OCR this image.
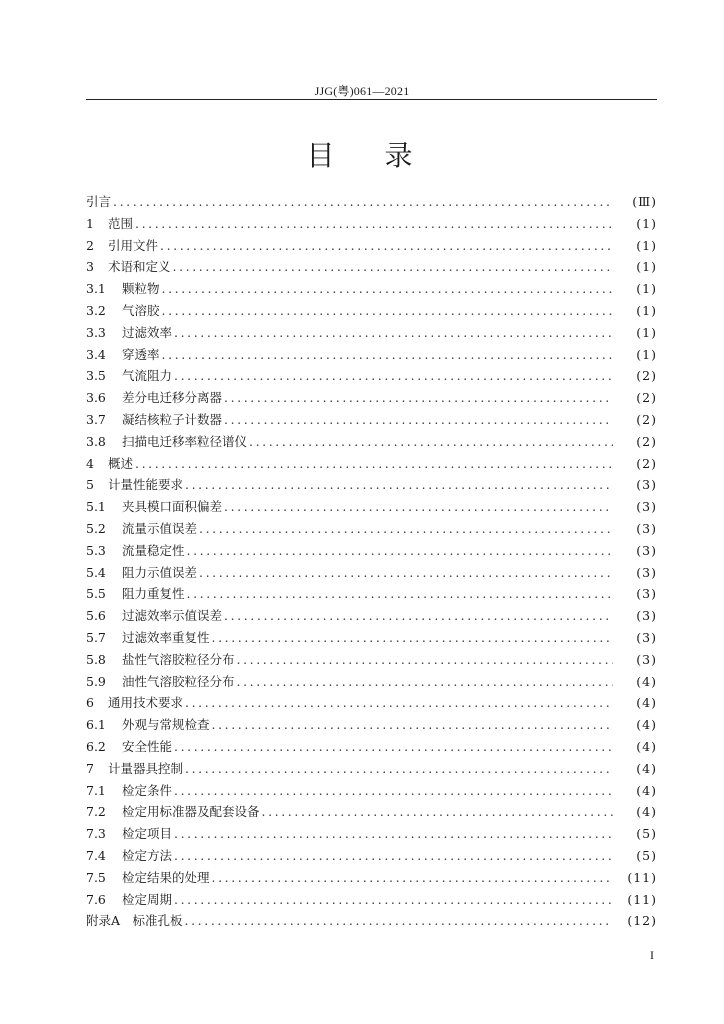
JJG(粤)061—2021
目录
引言 .....	(Ⅲ)
1	范围 .....	(1)
2	引用文件 .....	(1)
3	术语和定义 .....	(1)
3.1	颗粒物 .....	(1)
3.2	气溶胶 .....	(1)
3.3	过滤效率 .....	(1)
3.4	穿透率 .....	(1)
3.5	气流阻力 .....	(2)
3.6	差分电迁移分离器 .....	(2)
3.7	凝结核粒子计数器 .....	(2)
3.8	扫描电迁移率粒径谱仪 .....	(2)
4	概述 .....	(2)
5	计量性能要求 .....	(3)
5.1	夹具模口面积偏差 .....	(3)
5.2	流量示值误差 .....	(3)
5.3	流量稳定性 .....	(3)
5.4	阻力示值误差 .....	(3)
5.5	阻力重复性 .....	(3)
5.6	过滤效率示值误差 .....	(3)
5.7	过滤效率重复性 .....	(3)
5.8	盐性气溶胶粒径分布 .....	(3)
5.9	油性气溶胶粒径分布 .....	(4)
6	通用技术要求 .....	(4)
6.1	外观与常规检查 .....	(4)
6.2	安全性能 .....	(4)
7	计量器具控制 .....	(4)
7.1	检定条件 .....	(4)
7.2	检定用标准器及配套设备 .....	(4)
7.3	检定项目 .....	(5)
7.4	检定方法 .....	(5)
7.5	检定结果的处理 .....	(11)
7.6	检定周期 .....	(11)
附录A　标准孔板 .....	(12)
I
